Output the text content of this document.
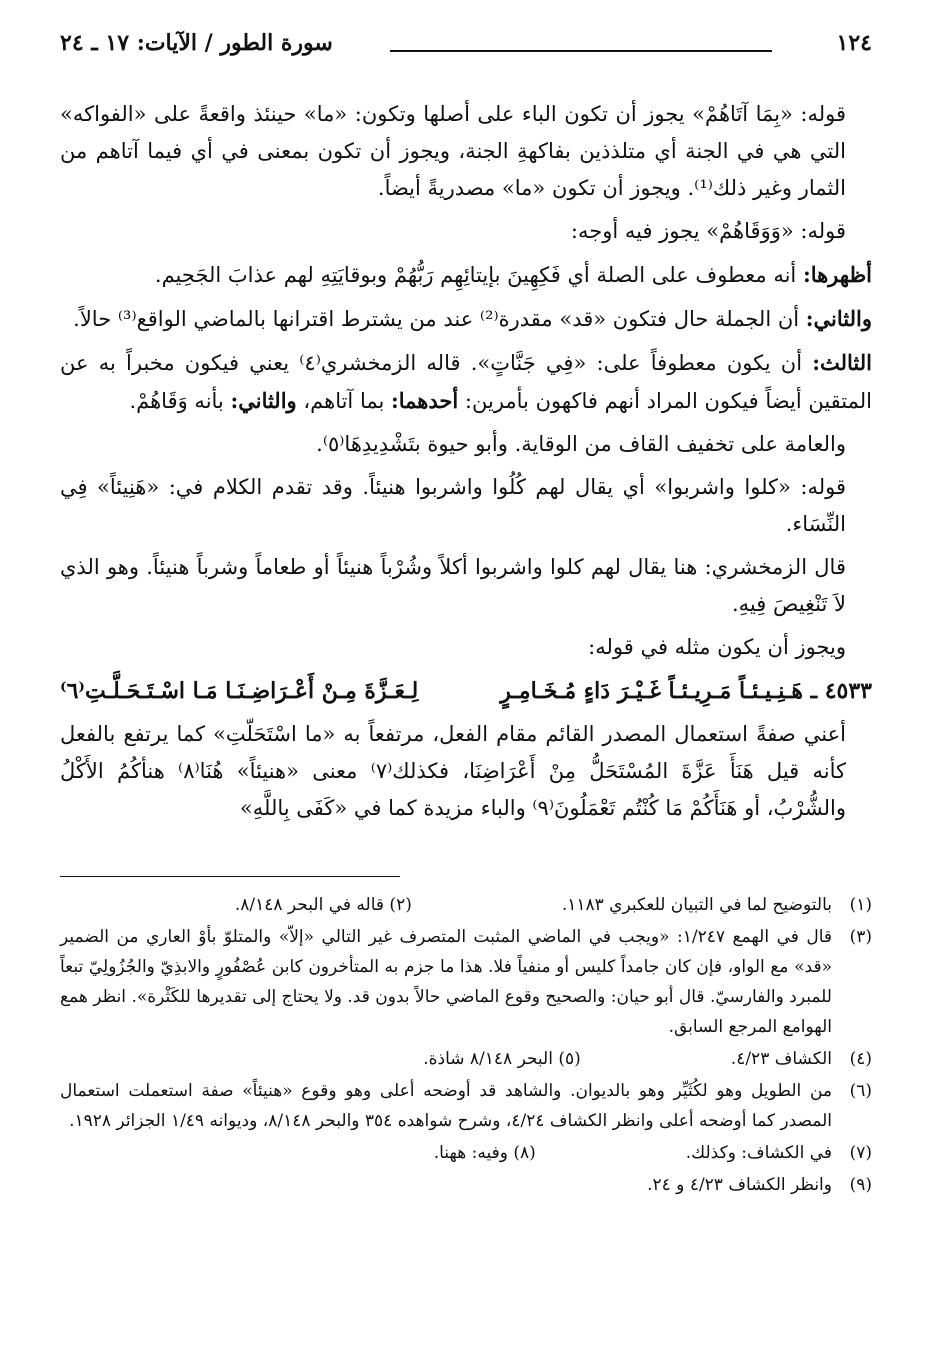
١٢٤
سورة الطور / الآيات: ١٧ ـ ٢٤

قوله: «بِمَا آتَاهُمْ» يجوز أن تكون الباء على أصلها وتكون: «ما» حينئذ واقعةً على «الفواكه» التي هي في الجنة أي متلذذين بفاكهةِ الجنة، ويجوز أن تكون بمعنى في أي فيما آتاهم من الثمار وغير ذلك⁽¹⁾. ويجوز أن تكون «ما» مصدريةً أيضاً.

قوله: «وَوَقَاهُمْ» يجوز فيه أوجه:

أظهرها: أنه معطوف على الصلة أي فَكِهِينَ بإيتائِهِم رَبُّهُمْ وبوقايَتِهِ لهم عذابَ الجَحِيم.

والثاني: أن الجملة حال فتكون «قد» مقدرة⁽²⁾ عند من يشترط اقترانها بالماضي الواقع⁽³⁾ حالاً.

الثالث: أن يكون معطوفاً على: «فِي جَنَّاتٍ». قاله الزمخشري⁽٤⁾ يعني فيكون مخبراً به عن المتقين أيضاً فيكون المراد أنهم فاكهون بأمرين: أحدهما: بما آتاهم، والثاني: بأنه وَقَاهُمْ.

والعامة على تخفيف القاف من الوقاية. وأبو حيوة بتَشْدِيدِهَا⁽٥⁾.

قوله: «كلوا واشربوا» أي يقال لهم كُلُوا واشربوا هنيئاً. وقد تقدم الكلام في: «هَنِيئاً» فِي النِّسَاء.

قال الزمخشري: هنا يقال لهم كلوا واشربوا أكلاً وشُرْباً هنيئاً أو طعاماً وشرباً هنيئاً. وهو الذي لاَ تَنْغِيصَ فِيهِ.

ويجوز أن يكون مثله في قوله:

٤٥٣٣ ـ هَـنِـيـئـاً مَـرِيـئـاً غَـيْـرَ دَاءٍ مُـخَـامِـرٍ
لِـعَـزَّةَ مِـنْ أَعْـرَاضِـنَـا مَـا اسْـتَـحَـلَّـتِ⁽٦⁾

أعني صفةً استعمال المصدر القائم مقام الفعل، مرتفعاً به «ما اسْتَحَلّتِ» كما يرتفع بالفعل كأنه قيل هَنَأَ عَزَّةَ المُسْتَحَلُّ مِنْ أَعْرَاضِنَا، فكذلك⁽٧⁾ معنى «هنيئاً» هُنَا⁽٨⁾ هنأكُمُ الأَكْلُ والشُّرْبُ، أو هَنَأَكُمْ مَا كُنْتُم تَعْمَلُونَ⁽٩⁾ والباء مزيدة كما في «كَفَى بِاللَّهِ»

(١)
بالتوضيح لما في التبيان للعكبري ١١٨٣.
(٢) قاله في البحر ٨/١٤٨.
(٣)
قال في الهمع ١/٢٤٧: «ويجب في الماضي المثبت المتصرف غير التالي «إلاّ» والمتلوّ بأوْ العاري من الضمير «قد» مع الواو، فإن كان جامداً كليس أو منفياً فلا. هذا ما جزم به المتأخرون كابن عُصْفُورٍ والابذِيّ والجُزُولِيّ تبعاً للمبرد والفارسيّ. قال أبو حيان: والصحيح وقوع الماضي حالاً بدون قد. ولا يحتاج إلى تقديرها للكَثْرة». انظر همع الهوامع المرجع السابق.
(٤)
الكشاف ٤/٢٣.
(٥) البحر ٨/١٤٨ شاذة.
(٦)
من الطويل وهو لكُثَيِّر وهو بالديوان. والشاهد قد أوضحه أعلى وهو وقوع «هنيئاً» صفة استعملت استعمال المصدر كما أوضحه أعلى وانظر الكشاف ٤/٢٤، وشرح شواهده ٣٥٤ والبحر ٨/١٤٨، وديوانه ١/٤٩ الجزائر ١٩٢٨.
(٧)
في الكشاف: وكذلك.
(٨) وفيه: ههنا.
(٩)
وانظر الكشاف ٤/٢٣ و ٢٤.
